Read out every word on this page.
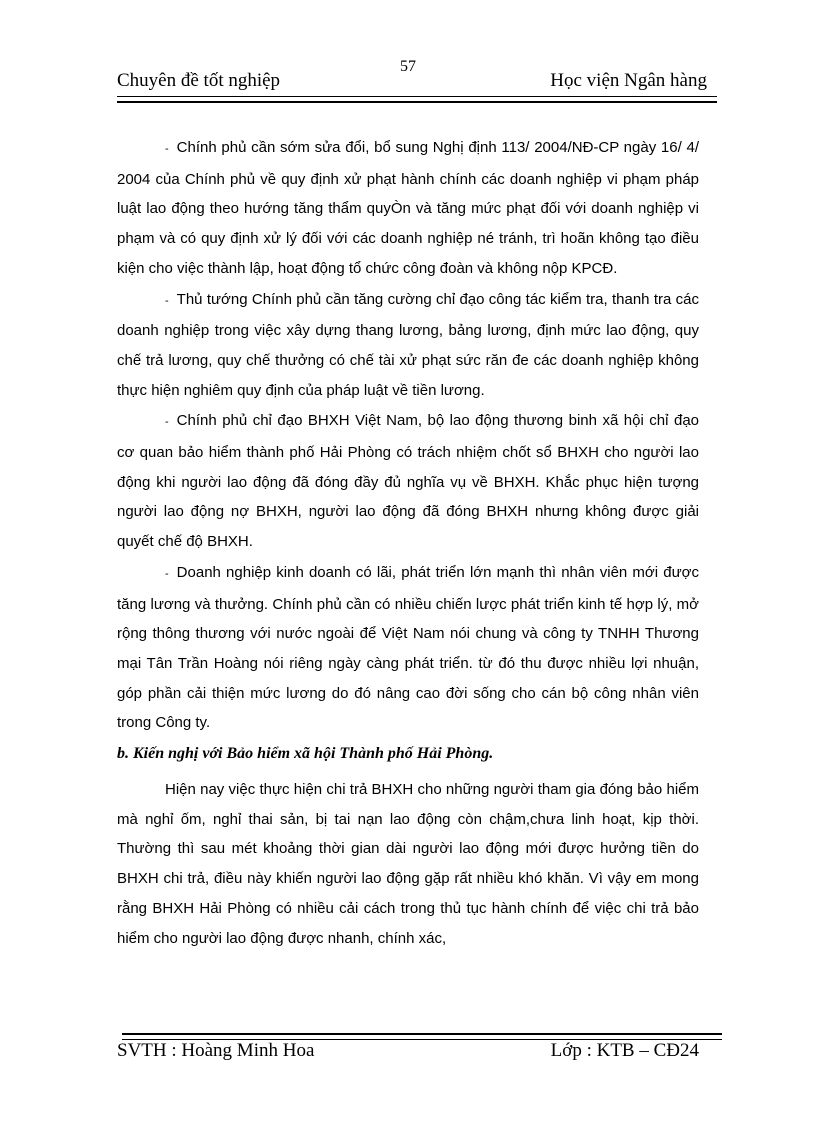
57
Chuyên đề tốt nghiệp	Học viện Ngân hàng

- Chính phủ cần sớm sửa đổi, bổ sung Nghị định 113/ 2004/NĐ-CP ngày 16/ 4/ 2004 của Chính phủ về quy định xử phạt hành chính các doanh nghiệp vi phạm pháp luật lao động theo hướng tăng thẩm quyÒn và tăng mức phạt đối với doanh nghiệp vi phạm và có quy định xử lý đối với các doanh nghiệp né tránh, trì hoãn không tạo điều kiện cho việc thành lập, hoạt động tổ chức công đoàn và không nộp KPCĐ.

- Thủ tướng Chính phủ cần tăng cường chỉ đạo công tác kiểm tra, thanh tra các doanh nghiệp trong việc xây dựng thang lương, bảng lương, định mức lao động, quy chế trả lương, quy chế thưởng có chế tài xử phạt sức răn đe các doanh nghiệp không thực hiện nghiêm quy định của pháp luật về tiền lương.

- Chính phủ chỉ đạo BHXH Việt Nam, bộ lao động thương binh xã hội chỉ đạo cơ quan bảo hiểm thành phố Hải Phòng có trách nhiệm chốt sổ BHXH cho người lao động khi người lao động đã đóng đầy đủ nghĩa vụ về BHXH. Khắc phục hiện tượng người lao động nợ BHXH, người lao động đã đóng BHXH nhưng không được giải quyết chế độ BHXH.

- Doanh nghiệp kinh doanh có lãi, phát triển lớn mạnh thì nhân viên mới được tăng lương và thưởng. Chính phủ cần có nhiều chiến lược phát triển kinh tế hợp lý, mở rộng thông thương với nước ngoài để Việt Nam nói chung và công ty TNHH Thương mại Tân Trần Hoàng nói riêng ngày càng phát triển. từ đó thu được nhiều lợi nhuận, góp phần cải thiện mức lương do đó nâng cao đời sống cho cán bộ công nhân viên trong Công ty.

b. Kiến nghị với Bảo hiểm xã hội Thành phố Hải Phòng.

Hiện nay việc thực hiện chi trả BHXH cho những người tham gia đóng bảo hiểm mà nghỉ ốm, nghỉ thai sản, bị tai nạn lao động còn chậm,chưa linh hoạt, kịp thời. Thường thì sau mét khoảng thời gian dài người lao động mới được hưởng tiền do BHXH chi trả, điều này khiến người lao động gặp rất nhiều khó khăn. Vì vậy em mong rằng BHXH Hải Phòng có nhiều cải cách trong thủ tục hành chính để việc chi trả bảo hiểm cho người lao động được nhanh, chính xác,

SVTH : Hoàng Minh Hoa	Lớp : KTB – CĐ24
